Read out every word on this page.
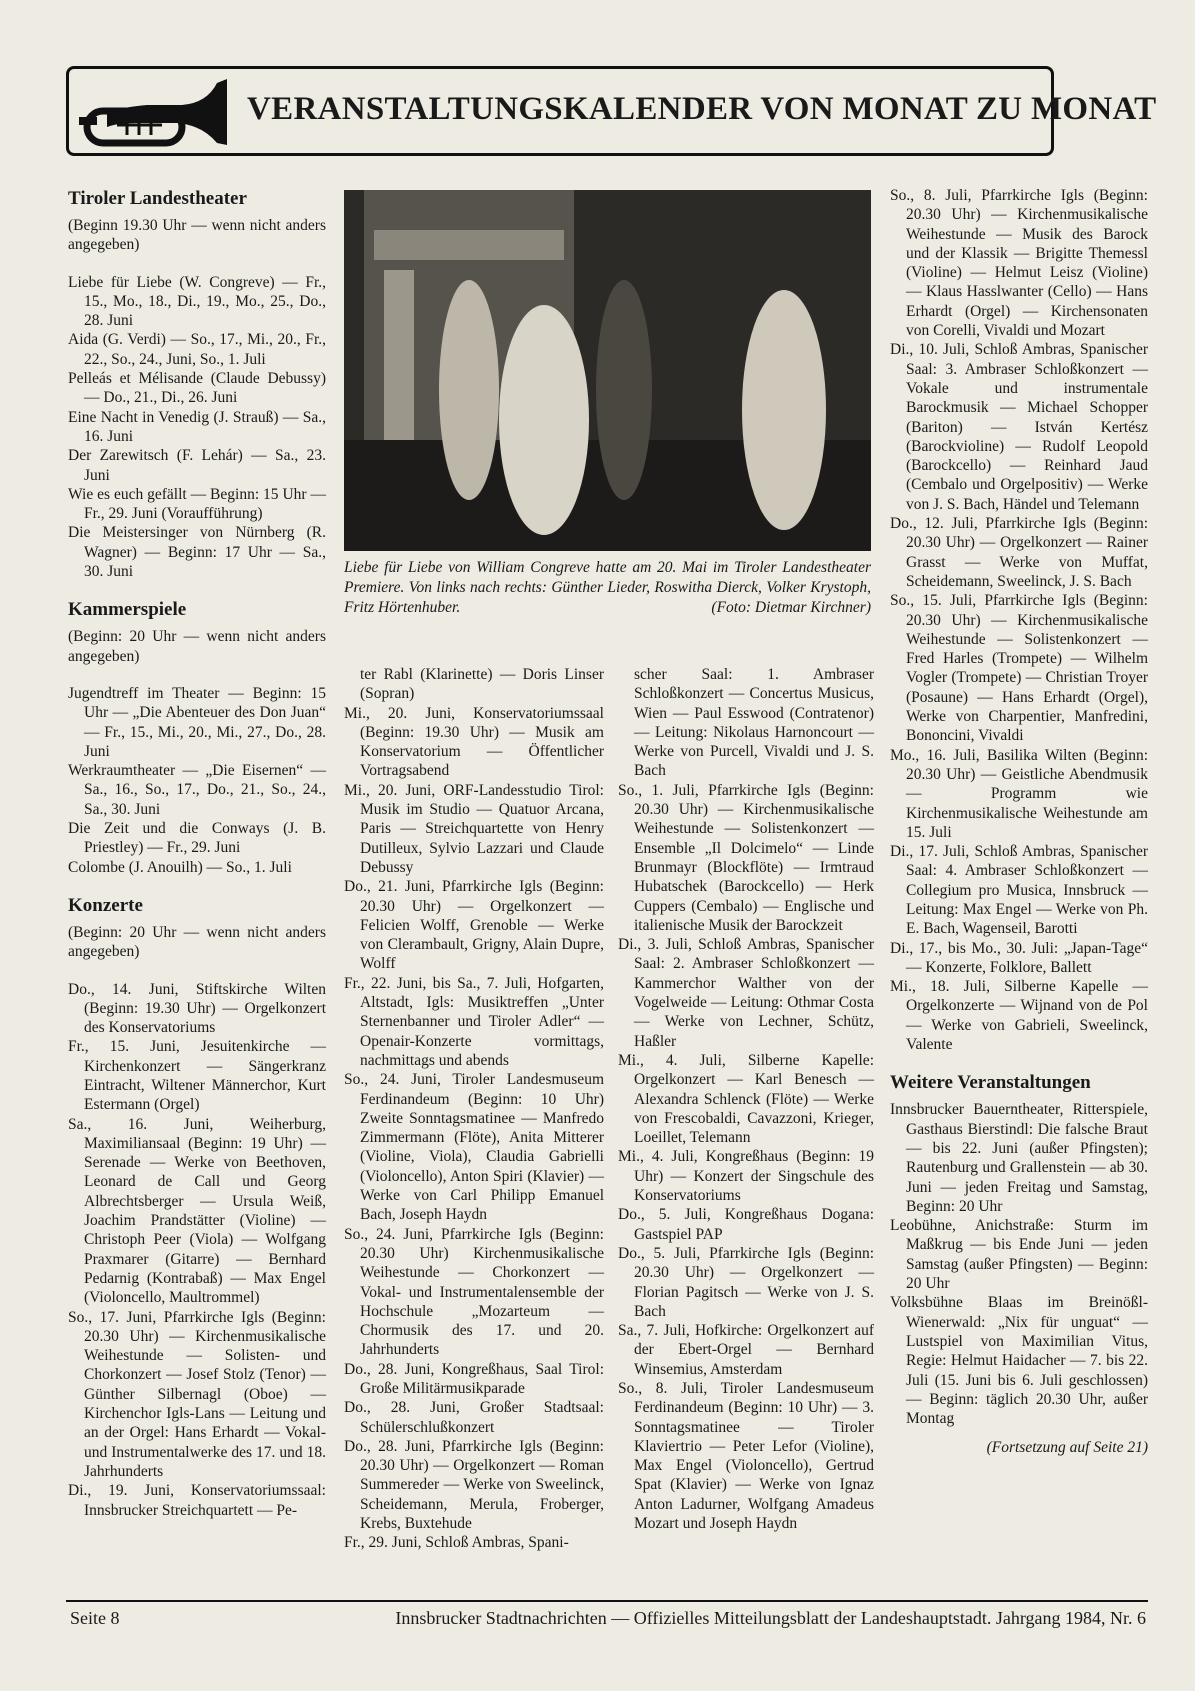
VERANSTALTUNGSKALENDER VON MONAT ZU MONAT
Tiroler Landestheater

(Beginn 19.30 Uhr — wenn nicht anders angegeben)

Liebe für Liebe (W. Congreve) — Fr., 15., Mo., 18., Di., 19., Mo., 25., Do., 28. Juni

Aida (G. Verdi) — So., 17., Mi., 20., Fr., 22., So., 24., Juni, So., 1. Juli

Pelleás et Mélisande (Claude Debussy) — Do., 21., Di., 26. Juni

Eine Nacht in Venedig (J. Strauß) — Sa., 16. Juni

Der Zarewitsch (F. Lehár) — Sa., 23. Juni

Wie es euch gefällt — Beginn: 15 Uhr — Fr., 29. Juni (Voraufführung)

Die Meistersinger von Nürnberg (R. Wagner) — Beginn: 17 Uhr — Sa., 30. Juni

Kammerspiele

(Beginn: 20 Uhr — wenn nicht anders angegeben)

Jugendtreff im Theater — Beginn: 15 Uhr — „Die Abenteuer des Don Juan“ — Fr., 15., Mi., 20., Mi., 27., Do., 28. Juni

Werkraumtheater — „Die Eisernen“ — Sa., 16., So., 17., Do., 21., So., 24., Sa., 30. Juni

Die Zeit und die Conways (J. B. Priestley) — Fr., 29. Juni

Colombe (J. Anouilh) — So., 1. Juli

Konzerte

(Beginn: 20 Uhr — wenn nicht anders angegeben)

Do., 14. Juni, Stiftskirche Wilten (Beginn: 19.30 Uhr) — Orgelkonzert des Konservatoriums

Fr., 15. Juni, Jesuitenkirche — Kirchenkonzert — Sängerkranz Eintracht, Wiltener Männerchor, Kurt Estermann (Orgel)

Sa., 16. Juni, Weiherburg, Maximiliansaal (Beginn: 19 Uhr) — Serenade — Werke von Beethoven, Leonard de Call und Georg Albrechtsberger — Ursula Weiß, Joachim Prandstätter (Violine) — Christoph Peer (Viola) — Wolfgang Praxmarer (Gitarre) — Bernhard Pedarnig (Kontrabaß) — Max Engel (Violoncello, Maultrommel)

So., 17. Juni, Pfarrkirche Igls (Beginn: 20.30 Uhr) — Kirchenmusikalische Weihestunde — Solisten- und Chorkonzert — Josef Stolz (Tenor) — Günther Silbernagl (Oboe) — Kirchenchor Igls-Lans — Leitung und an der Orgel: Hans Erhardt — Vokal- und Instrumentalwerke des 17. und 18. Jahrhunderts

Di., 19. Juni, Konservatoriumssaal: Innsbrucker Streichquartett — Pe-

ter Rabl (Klarinette) — Doris Linser (Sopran)

Mi., 20. Juni, Konservatoriumssaal (Beginn: 19.30 Uhr) — Musik am Konservatorium — Öffentlicher Vortragsabend

Mi., 20. Juni, ORF-Landesstudio Tirol: Musik im Studio — Quatuor Arcana, Paris — Streichquartette von Henry Dutilleux, Sylvio Lazzari und Claude Debussy

Do., 21. Juni, Pfarrkirche Igls (Beginn: 20.30 Uhr) — Orgelkonzert — Felicien Wolff, Grenoble — Werke von Clerambault, Grigny, Alain Dupre, Wolff

Fr., 22. Juni, bis Sa., 7. Juli, Hofgarten, Altstadt, Igls: Musiktreffen „Unter Sternenbanner und Tiroler Adler“ — Openair-Konzerte vormittags, nachmittags und abends

So., 24. Juni, Tiroler Landesmuseum Ferdinandeum (Beginn: 10 Uhr) Zweite Sonntagsmatinee — Manfredo Zimmermann (Flöte), Anita Mitterer (Violine, Viola), Claudia Gabrielli (Violoncello), Anton Spiri (Klavier) — Werke von Carl Philipp Emanuel Bach, Joseph Haydn

So., 24. Juni, Pfarrkirche Igls (Beginn: 20.30 Uhr) Kirchenmusikalische Weihestunde — Chorkonzert — Vokal- und Instrumentalensemble der Hochschule „Mozarteum — Chormusik des 17. und 20. Jahrhunderts

Do., 28. Juni, Kongreßhaus, Saal Tirol: Große Militärmusikparade

Do., 28. Juni, Großer Stadtsaal: Schülerschlußkonzert

Do., 28. Juni, Pfarrkirche Igls (Beginn: 20.30 Uhr) — Orgelkonzert — Roman Summereder — Werke von Sweelinck, Scheidemann, Merula, Froberger, Krebs, Buxtehude

Fr., 29. Juni, Schloß Ambras, Spani-

scher Saal: 1. Ambraser Schloßkonzert — Concertus Musicus, Wien — Paul Esswood (Contratenor) — Leitung: Nikolaus Harnoncourt — Werke von Purcell, Vivaldi und J. S. Bach

So., 1. Juli, Pfarrkirche Igls (Beginn: 20.30 Uhr) — Kirchenmusikalische Weihestunde — Solistenkonzert — Ensemble „Il Dolcimelo“ — Linde Brunmayr (Blockflöte) — Irmtraud Hubatschek (Barockcello) — Herk Cuppers (Cembalo) — Englische und italienische Musik der Barockzeit

Di., 3. Juli, Schloß Ambras, Spanischer Saal: 2. Ambraser Schloßkonzert — Kammerchor Walther von der Vogelweide — Leitung: Othmar Costa — Werke von Lechner, Schütz, Haßler

Mi., 4. Juli, Silberne Kapelle: Orgelkonzert — Karl Benesch — Alexandra Schlenck (Flöte) — Werke von Frescobaldi, Cavazzoni, Krieger, Loeillet, Telemann

Mi., 4. Juli, Kongreßhaus (Beginn: 19 Uhr) — Konzert der Singschule des Konservatoriums

Do., 5. Juli, Kongreßhaus Dogana: Gastspiel PAP

Do., 5. Juli, Pfarrkirche Igls (Beginn: 20.30 Uhr) — Orgelkonzert — Florian Pagitsch — Werke von J. S. Bach

Sa., 7. Juli, Hofkirche: Orgelkonzert auf der Ebert-Orgel — Bernhard Winsemius, Amsterdam

So., 8. Juli, Tiroler Landesmuseum Ferdinandeum (Beginn: 10 Uhr) — 3. Sonntagsmatinee — Tiroler Klaviertrio — Peter Lefor (Violine), Max Engel (Violoncello), Gertrud Spat (Klavier) — Werke von Ignaz Anton Ladurner, Wolfgang Amadeus Mozart und Joseph Haydn

So., 8. Juli, Pfarrkirche Igls (Beginn: 20.30 Uhr) — Kirchenmusikalische Weihestunde — Musik des Barock und der Klassik — Brigitte Themessl (Violine) — Helmut Leisz (Violine) — Klaus Hasslwanter (Cello) — Hans Erhardt (Orgel) — Kirchensonaten von Corelli, Vivaldi und Mozart

Di., 10. Juli, Schloß Ambras, Spanischer Saal: 3. Ambraser Schloßkonzert — Vokale und instrumentale Barockmusik — Michael Schopper (Bariton) — István Kertész (Barockvioline) — Rudolf Leopold (Barockcello) — Reinhard Jaud (Cembalo und Orgelpositiv) — Werke von J. S. Bach, Händel und Telemann

Do., 12. Juli, Pfarrkirche Igls (Beginn: 20.30 Uhr) — Orgelkonzert — Rainer Grasst — Werke von Muffat, Scheidemann, Sweelinck, J. S. Bach

So., 15. Juli, Pfarrkirche Igls (Beginn: 20.30 Uhr) — Kirchenmusikalische Weihestunde — Solistenkonzert — Fred Harles (Trompete) — Wilhelm Vogler (Trompete) — Christian Troyer (Posaune) — Hans Erhardt (Orgel), Werke von Charpentier, Manfredini, Bononcini, Vivaldi

Mo., 16. Juli, Basilika Wilten (Beginn: 20.30 Uhr) — Geistliche Abendmusik — Programm wie Kirchenmusikalische Weihestunde am 15. Juli

Di., 17. Juli, Schloß Ambras, Spanischer Saal: 4. Ambraser Schloßkonzert — Collegium pro Musica, Innsbruck — Leitung: Max Engel — Werke von Ph. E. Bach, Wagenseil, Barotti

Di., 17., bis Mo., 30. Juli: „Japan-Tage“ — Konzerte, Folklore, Ballett

Mi., 18. Juli, Silberne Kapelle — Orgelkonzerte — Wijnand von de Pol — Werke von Gabrieli, Sweelinck, Valente

Weitere Veranstaltungen

Innsbrucker Bauerntheater, Ritterspiele, Gasthaus Bierstindl: Die falsche Braut — bis 22. Juni (außer Pfingsten); Rautenburg und Grallenstein — ab 30. Juni — jeden Freitag und Samstag, Beginn: 20 Uhr

Leobühne, Anichstraße: Sturm im Maßkrug — bis Ende Juni — jeden Samstag (außer Pfingsten) — Beginn: 20 Uhr

Volksbühne Blaas im Breinößl-Wienerwald: „Nix für unguat“ — Lustspiel von Maximilian Vitus, Regie: Helmut Haidacher — 7. bis 22. Juli (15. Juni bis 6. Juli geschlossen) — Beginn: täglich 20.30 Uhr, außer Montag

(Fortsetzung auf Seite 21)

Liebe für Liebe von William Congreve hatte am 20. Mai im Tiroler Landestheater Premiere. Von links nach rechts: Günther Lieder, Roswitha Dierck, Volker Krystoph, Fritz Hörtenhuber.	(Foto: Dietmar Kirchner)
Seite 8	Innsbrucker Stadtnachrichten — Offizielles Mitteilungsblatt der Landeshauptstadt. Jahrgang 1984, Nr. 6
